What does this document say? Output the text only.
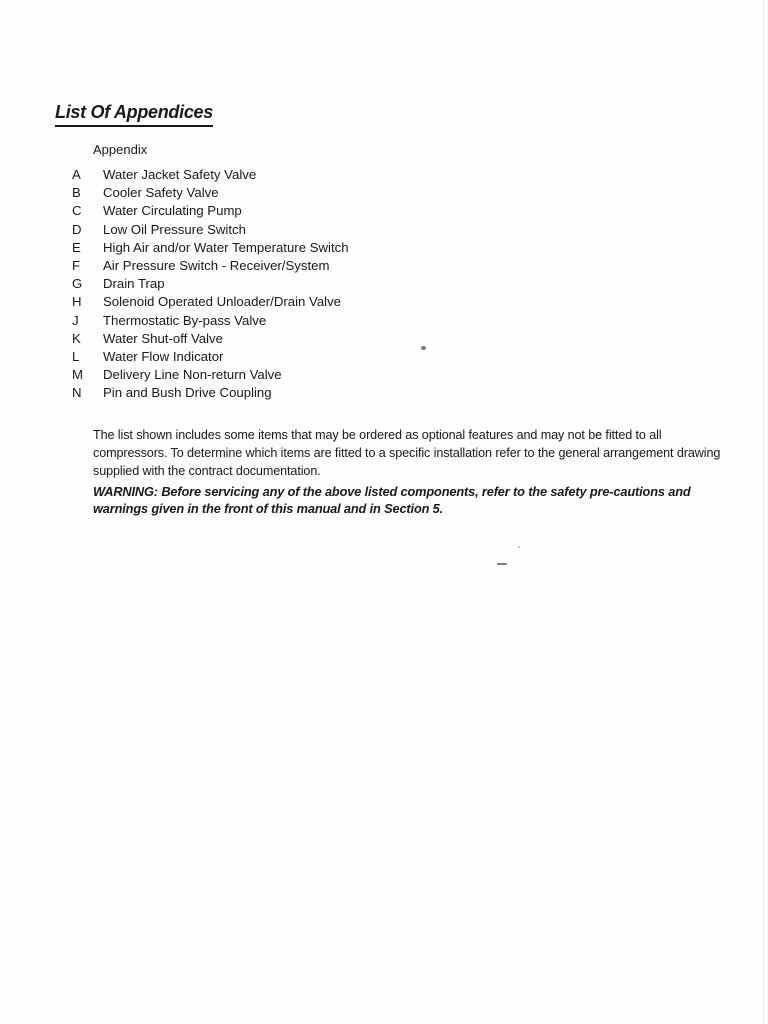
List Of Appendices
Appendix
A	Water Jacket Safety Valve
B	Cooler Safety Valve
C	Water Circulating Pump
D	Low Oil Pressure Switch
E	High Air and/or Water Temperature Switch
F	Air Pressure Switch - Receiver/System
G	Drain Trap
H	Solenoid Operated Unloader/Drain Valve
J	Thermostatic By-pass Valve
K	Water Shut-off Valve
L	Water Flow Indicator
M	Delivery Line Non-return Valve
N	Pin and Bush Drive Coupling

The list shown includes some items that may be ordered as optional features and may not be fitted to all compressors. To determine which items are fitted to a specific installation refer to the general arrangement drawing supplied with the contract documentation.

WARNING: Before servicing any of the above listed components, refer to the safety pre-cautions and warnings given in the front of this manual and in Section 5.
